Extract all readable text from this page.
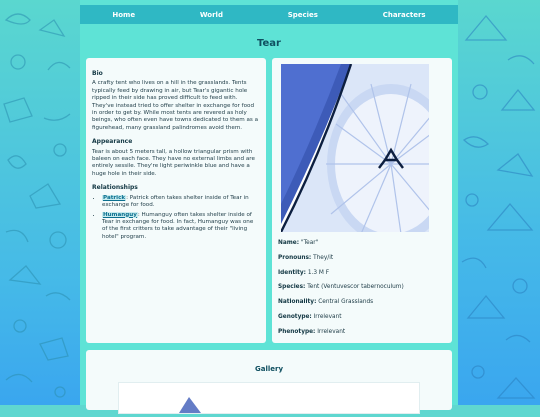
Home	World	Species	Characters
Tear
Bio

A crafty tent who lives on a hill in the grasslands. Tents typically feed by drawing in air, but Tear's gigantic hole ripped in their side has proved difficult to feed with. They've instead tried to offer shelter in exchange for food in order to get by. While most tents are revered as holy beings, who often even have towns dedicated to them as a figurehead, many grassland palindromes avoid them.

Appearance

Tear is about 5 meters tall, a hollow triangular prism with baleen on each face. They have no external limbs and are entirely sessile. They're light periwinkle blue and have a huge hole in their side.

Relationships
• Patrick: Patrick often takes shelter inside of Tear in exchange for food.
• Humanguy: Humanguy often takes shelter inside of Tear in exchange for food. In fact, Humanguy was one of the first critters to take advantage of their "living hotel" program.
Name: "Tear"
Pronouns: They/it
Identity: 1.3 M F
Species: Tent (Ventuvescor tabernoculum)
Nationality: Central Grasslands
Genotype: Irrelevant
Phenotype: Irrelevant
Gallery
